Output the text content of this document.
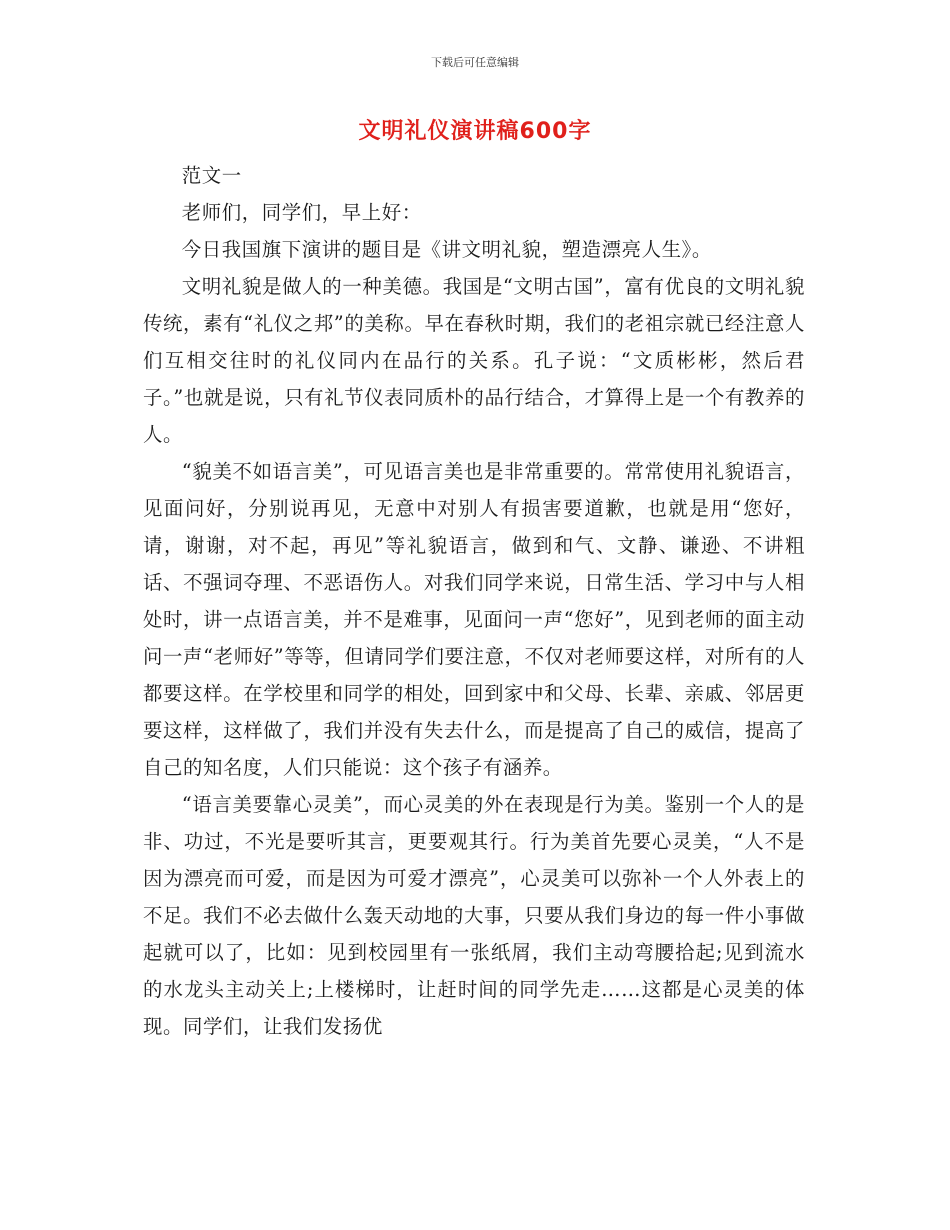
下载后可任意编辑
文明礼仪演讲稿600字

范文一

老师们，同学们，早上好：

今日我国旗下演讲的题目是《讲文明礼貌，塑造漂亮人生》。

文明礼貌是做人的一种美德。我国是“文明古国”，富有优良的文明礼貌传统，素有“礼仪之邦”的美称。早在春秋时期，我们的老祖宗就已经注意人们互相交往时的礼仪同内在品行的关系。孔子说：“文质彬彬，然后君子。”也就是说，只有礼节仪表同质朴的品行结合，才算得上是一个有教养的人。

“貌美不如语言美”，可见语言美也是非常重要的。常常使用礼貌语言，见面问好，分别说再见，无意中对别人有损害要道歉，也就是用“您好，请，谢谢，对不起，再见”等礼貌语言，做到和气、文静、谦逊、不讲粗话、不强词夺理、不恶语伤人。对我们同学来说，日常生活、学习中与人相处时，讲一点语言美，并不是难事，见面问一声“您好”，见到老师的面主动问一声“老师好”等等，但请同学们要注意，不仅对老师要这样，对所有的人都要这样。在学校里和同学的相处，回到家中和父母、长辈、亲戚、邻居更要这样，这样做了，我们并没有失去什么，而是提高了自己的威信，提高了自己的知名度，人们只能说：这个孩子有涵养。

“语言美要靠心灵美”，而心灵美的外在表现是行为美。鉴别一个人的是非、功过，不光是要听其言，更要观其行。行为美首先要心灵美，“人不是因为漂亮而可爱，而是因为可爱才漂亮”，心灵美可以弥补一个人外表上的不足。我们不必去做什么轰天动地的大事，只要从我们身边的每一件小事做起就可以了，比如：见到校园里有一张纸屑，我们主动弯腰拾起;见到流水的水龙头主动关上;上楼梯时，让赶时间的同学先走……这都是心灵美的体现。同学们，让我们发扬优
